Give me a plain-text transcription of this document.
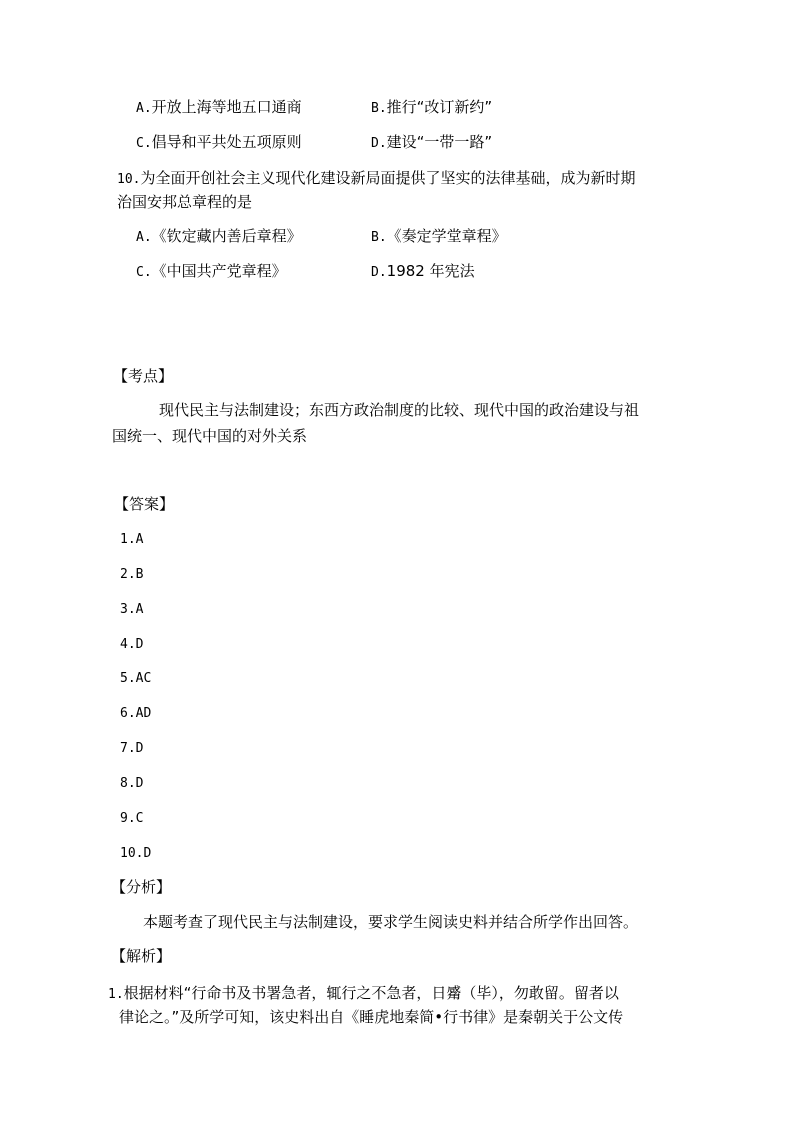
A.开放上海等地五口通商	B.推行“改订新约”
C.倡导和平共处五项原则	D.建设“一带一路”
10.为全面开创社会主义现代化建设新局面提供了坚实的法律基础，成为新时期
治国安邦总章程的是
A.《钦定藏内善后章程》	B.《奏定学堂章程》
C.《中国共产党章程》	D.1982 年宪法
【考点】
现代民主与法制建设；东西方政治制度的比较、现代中国的政治建设与祖
国统一、现代中国的对外关系
【答案】
1.A
2.B
3.A
4.D
5.AC
6.AD
7.D
8.D
9.C
10.D
【分析】
本题考查了现代民主与法制建设，要求学生阅读史料并结合所学作出回答。
【解析】
1.根据材料“行命书及书署急者，辄行之不急者，日觱（毕），勿敢留。留者以
律论之。”及所学可知，该史料出自《睡虎地秦简•行书律》是秦朝关于公文传
